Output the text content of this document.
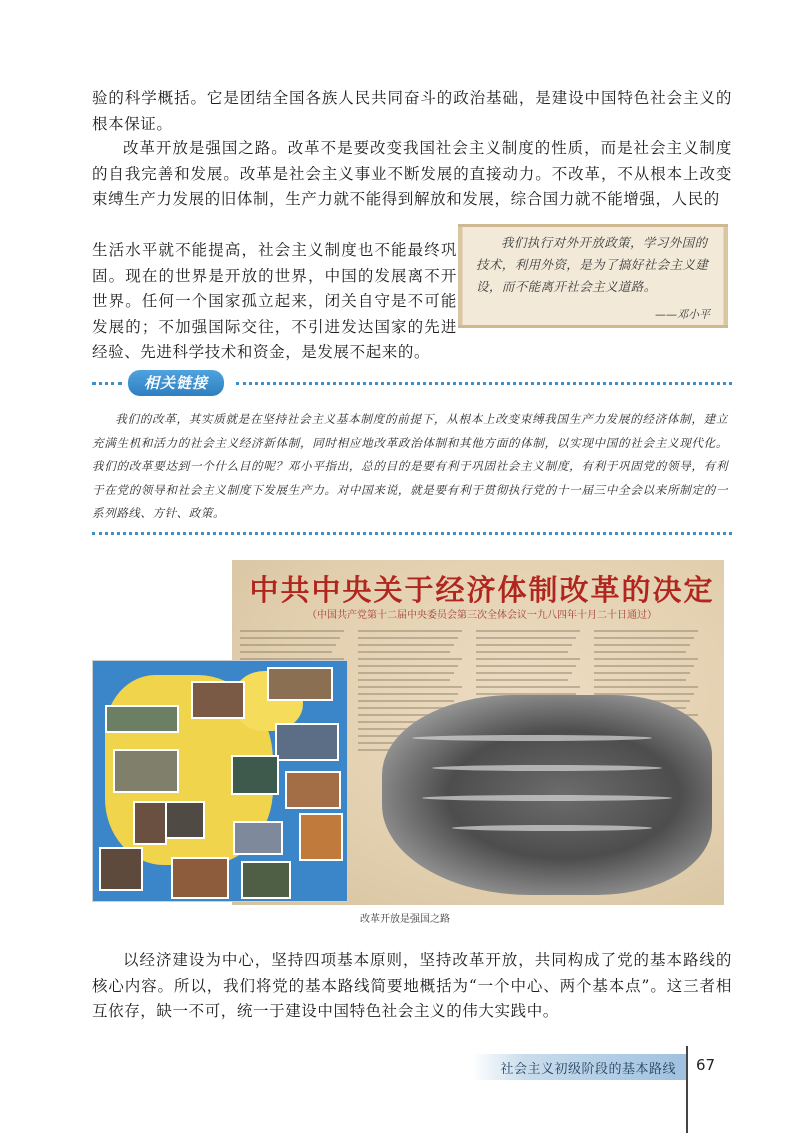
验的科学概括。它是团结全国各族人民共同奋斗的政治基础，是建设中国特色社会主义的根本保证。

改革开放是强国之路。改革不是要改变我国社会主义制度的性质，而是社会主义制度的自我完善和发展。改革是社会主义事业不断发展的直接动力。不改革，不从根本上改变束缚生产力发展的旧体制，生产力就不能得到解放和发展，综合国力就不能增强，人民的

生活水平就不能提高，社会主义制度也不能最终巩固。现在的世界是开放的世界，中国的发展离不开世界。任何一个国家孤立起来，闭关自守是不可能发展的；不加强国际交往，不引进发达国家的先进经验、先进科学技术和资金，是发展不起来的。

我们执行对外开放政策，学习外国的技术，利用外资，是为了搞好社会主义建设，而不能离开社会主义道路。
——邓小平
相关链接

我们的改革，其实质就是在坚持社会主义基本制度的前提下，从根本上改变束缚我国生产力发展的经济体制，建立充满生机和活力的社会主义经济新体制，同时相应地改革政治体制和其他方面的体制，以实现中国的社会主义现代化。我们的改革要达到一个什么目的呢？邓小平指出，总的目的是要有利于巩固社会主义制度，有利于巩固党的领导，有利于在党的领导和社会主义制度下发展生产力。对中国来说，就是要有利于贯彻执行党的十一届三中全会以来所制定的一系列路线、方针、政策。

中共中央关于经济体制改革的决定
（中国共产党第十二届中央委员会第三次全体会议一九八四年十月二十日通过）
改革开放是强国之路

以经济建设为中心，坚持四项基本原则，坚持改革开放，共同构成了党的基本路线的核心内容。所以，我们将党的基本路线简要地概括为“一个中心、两个基本点”。这三者相互依存，缺一不可，统一于建设中国特色社会主义的伟大实践中。

社会主义初级阶段的基本路线 67
